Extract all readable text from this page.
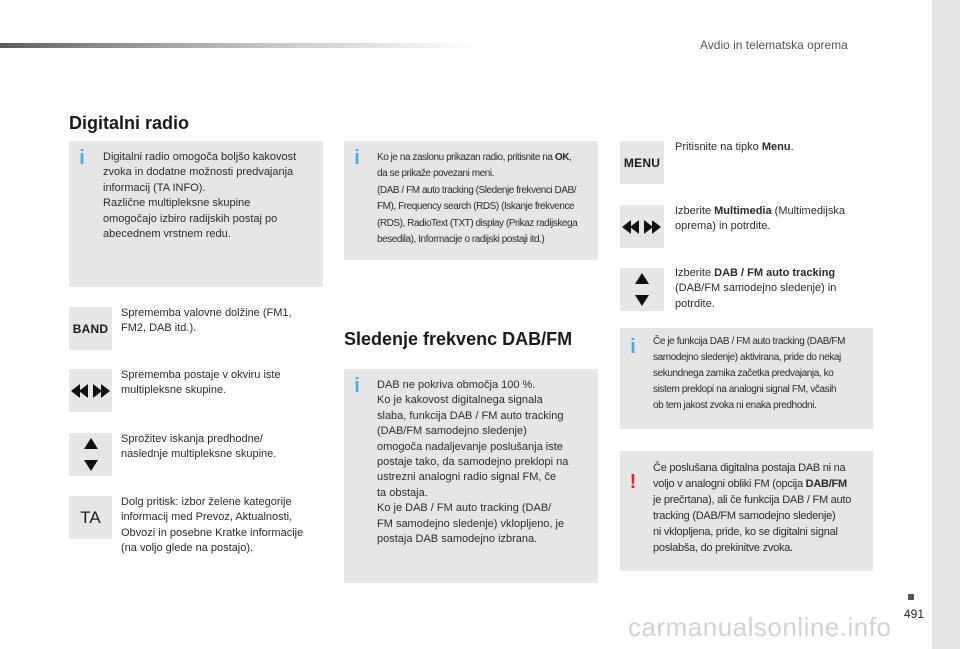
Avdio in telematska oprema
Digitalni radio
i Digitalni radio omogoča boljšo kakovost
zvoka in dodatne možnosti predvajanja
informacij (TA INFO).
Različne multipleksne skupine
omogočajo izbiro radijskih postaj po
abecednem vrstnem redu.
BAND
Sprememba valovne dolžine (FM1,
FM2, DAB itd.).
Sprememba postaje v okviru iste
multipleksne skupine.
Sprožitev iskanja predhodne/
naslednje multipleksne skupine.
TA
Dolg pritisk: izbor želene kategorije
informacij med Prevoz, Aktualnosti,
Obvozi in posebne Kratke informacije
(na voljo glede na postajo).
i Ko je na zaslonu prikazan radio, pritisnite na OK,
da se prikaže povezani meni.
(DAB / FM auto tracking (Sledenje frekvenci DAB/
FM), Frequency search (RDS) (Iskanje frekvence
(RDS), RadioText (TXT) display (Prikaz radijskega
besedila), Informacije o radijski postaji itd.)
Sledenje frekvenc DAB/FM
i DAB ne pokriva območja 100 %.
Ko je kakovost digitalnega signala
slaba, funkcija DAB / FM auto tracking
(DAB/FM samodejno sledenje)
omogoča nadaljevanje poslušanja iste
postaje tako, da samodejno preklopi na
ustrezni analogni radio signal FM, če
ta obstaja.
Ko je DAB / FM auto tracking (DAB/
FM samodejno sledenje) vklopljeno, je
postaja DAB samodejno izbrana.
MENU
Pritisnite na tipko Menu.
Izberite Multimedia (Multimedijska
oprema) in potrdite.
Izberite DAB / FM auto tracking
(DAB/FM samodejno sledenje) in
potrdite.
i Če je funkcija DAB / FM auto tracking (DAB/FM
samodejno sledenje) aktivirana, pride do nekaj
sekundnega zamika začetka predvajanja, ko
sistem preklopi na analogni signal FM, včasih
ob tem jakost zvoka ni enaka predhodni.
!
Če poslušana digitalna postaja DAB ni na
voljo v analogni obliki FM (opcija DAB/FM
je prečrtana), ali če funkcija DAB / FM auto
tracking (DAB/FM samodejno sledenje)
ni vklopljena, pride, ko se digitalni signal
poslabša, do prekinitve zvoka.
491
carmanualsonline.info
